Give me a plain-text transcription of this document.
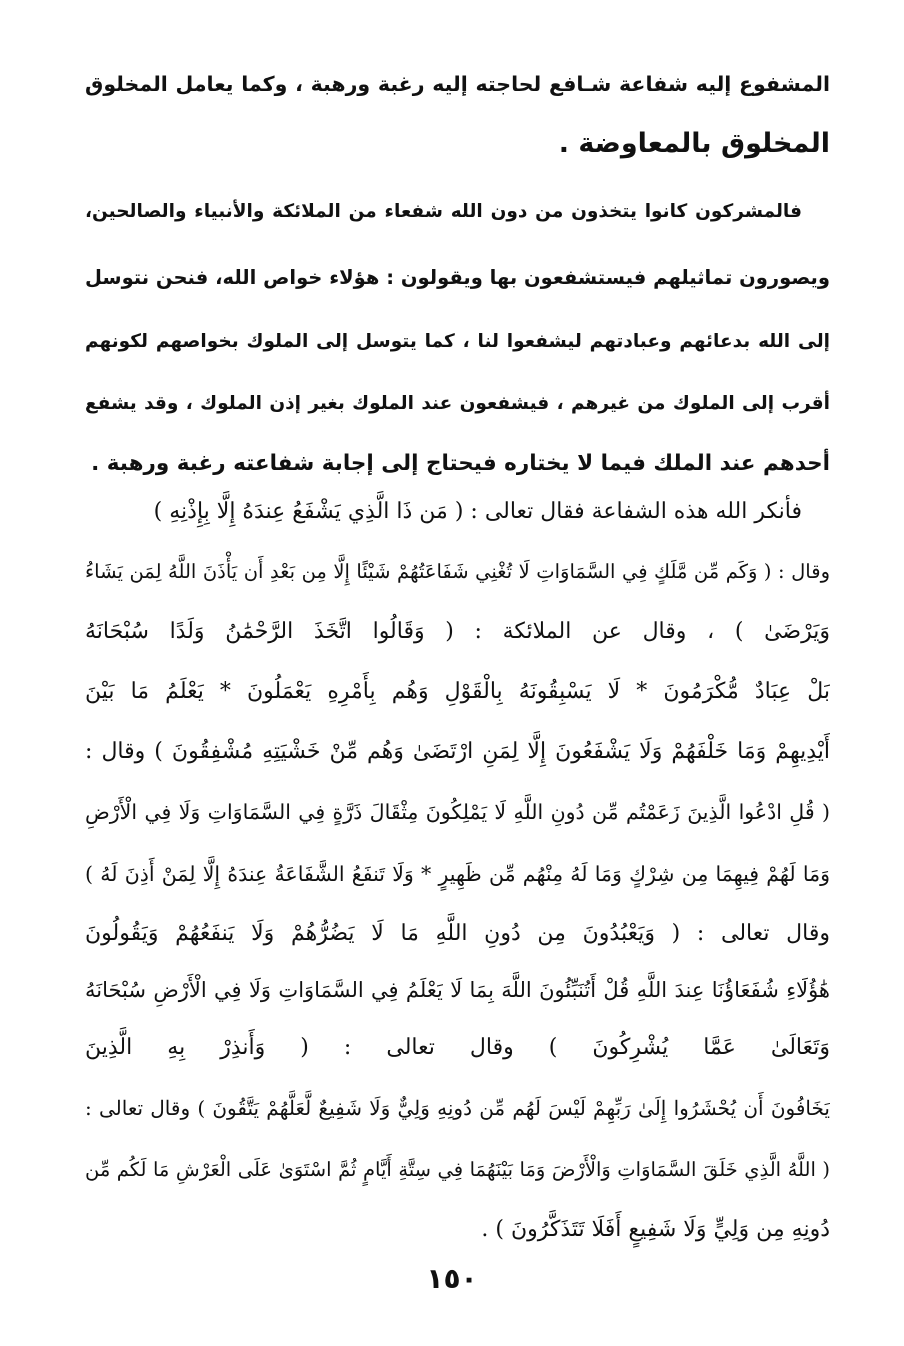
المشفوع إليه شفاعة شـافع لحاجته إليه رغبة ورهبة ، وكما يعامل المخلوق
المخلوق بالمعاوضة .
فالمشركون كانوا يتخذون من دون الله شفعاء من الملائكة والأنبياء والصالحين،
ويصورون تماثيلهم فيستشفعون بها ويقولون : هؤلاء خواص الله، فنحن نتوسل
إلى الله بدعائهم وعبادتهم ليشفعوا لنا ، كما يتوسل إلى الملوك بخواصهم لكونهم
أقرب إلى الملوك من غيرهم ، فيشفعون عند الملوك بغير إذن الملوك ، وقد يشفع
أحدهم عند الملك فيما لا يختاره فيحتاج إلى إجابة شفاعته رغبة ورهبة .
فأنكر الله هذه الشفاعة فقال تعالى : ( مَن ذَا الَّذِي يَشْفَعُ عِندَهُ إِلَّا بِإِذْنِهِ )
وقال : ( وَكَم مِّن مَّلَكٍ فِي السَّمَاوَاتِ لَا تُغْنِي شَفَاعَتُهُمْ شَيْئًا إِلَّا مِن بَعْدِ أَن يَأْذَنَ اللَّهُ لِمَن يَشَاءُ
وَيَرْضَىٰ ) ، وقال عن الملائكة : ( وَقَالُوا اتَّخَذَ الرَّحْمَٰنُ وَلَدًا سُبْحَانَهُ
بَلْ عِبَادٌ مُّكْرَمُونَ * لَا يَسْبِقُونَهُ بِالْقَوْلِ وَهُم بِأَمْرِهِ يَعْمَلُونَ * يَعْلَمُ مَا بَيْنَ
أَيْدِيهِمْ وَمَا خَلْفَهُمْ وَلَا يَشْفَعُونَ إِلَّا لِمَنِ ارْتَضَىٰ وَهُم مِّنْ خَشْيَتِهِ مُشْفِقُونَ ) وقال :
( قُلِ ادْعُوا الَّذِينَ زَعَمْتُم مِّن دُونِ اللَّهِ لَا يَمْلِكُونَ مِثْقَالَ ذَرَّةٍ فِي السَّمَاوَاتِ وَلَا فِي الْأَرْضِ
وَمَا لَهُمْ فِيهِمَا مِن شِرْكٍ وَمَا لَهُ مِنْهُم مِّن ظَهِيرٍ * وَلَا تَنفَعُ الشَّفَاعَةُ عِندَهُ إِلَّا لِمَنْ أَذِنَ لَهُ )
وقال تعالى : ( وَيَعْبُدُونَ مِن دُونِ اللَّهِ مَا لَا يَضُرُّهُمْ وَلَا يَنفَعُهُمْ وَيَقُولُونَ
هَٰؤُلَاءِ شُفَعَاؤُنَا عِندَ اللَّهِ قُلْ أَتُنَبِّئُونَ اللَّهَ بِمَا لَا يَعْلَمُ فِي السَّمَاوَاتِ وَلَا فِي الْأَرْضِ سُبْحَانَهُ
وَتَعَالَىٰ عَمَّا يُشْرِكُونَ ) وقال تعالى : ( وَأَنذِرْ بِهِ الَّذِينَ
يَخَافُونَ أَن يُحْشَرُوا إِلَىٰ رَبِّهِمْ لَيْسَ لَهُم مِّن دُونِهِ وَلِيٌّ وَلَا شَفِيعٌ لَّعَلَّهُمْ يَتَّقُونَ ) وقال تعالى :
( اللَّهُ الَّذِي خَلَقَ السَّمَاوَاتِ وَالْأَرْضَ وَمَا بَيْنَهُمَا فِي سِتَّةِ أَيَّامٍ ثُمَّ اسْتَوَىٰ عَلَى الْعَرْشِ مَا لَكُم مِّن
دُونِهِ مِن وَلِيٍّ وَلَا شَفِيعٍ أَفَلَا تَتَذَكَّرُونَ ) .
١٥٠
